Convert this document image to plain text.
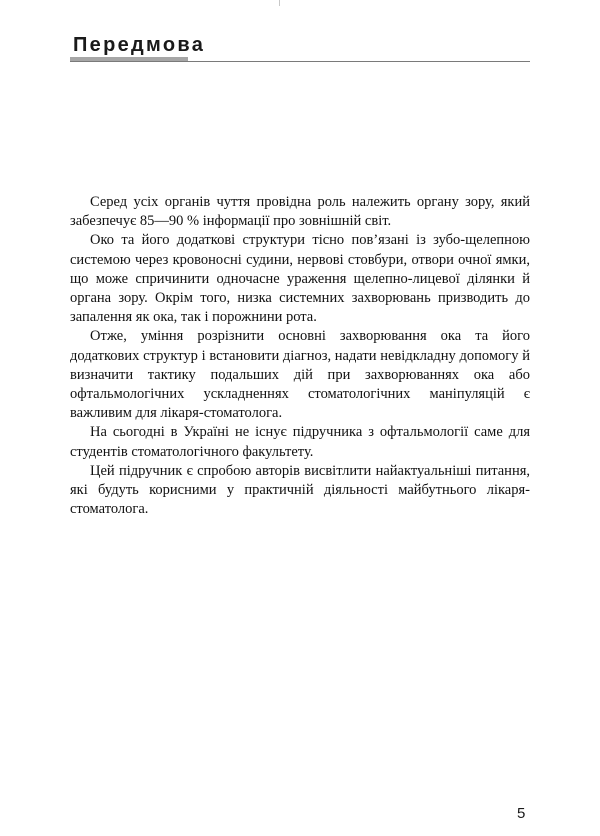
Передмова

Серед усіх органів чуття провідна роль належить органу зору, який забезпечує 85—90 % інформації про зовнішній світ.

Око та його додаткові структури тісно пов’язані із зубо-щелепною системою через кровоносні судини, нервові стовбури, отвори очної ямки, що може спричинити одночасне ураження щелепно-лицевої ділянки й органа зору. Окрім того, низка системних захворювань призводить до запалення як ока, так і порожнини рота.

Отже, уміння розрізнити основні захворювання ока та його додаткових структур і встановити діагноз, надати невідкладну допомогу й визначити тактику подальших дій при захворюваннях ока або офтальмологічних ускладненнях стоматологічних маніпуляцій є важливим для лікаря-стоматолога.

На сьогодні в Україні не існує підручника з офтальмології саме для студентів стоматологічного факультету.

Цей підручник є спробою авторів висвітлити найактуальніші питання, які будуть корисними у практичній діяльності майбутнього лікаря-стоматолога.

5
